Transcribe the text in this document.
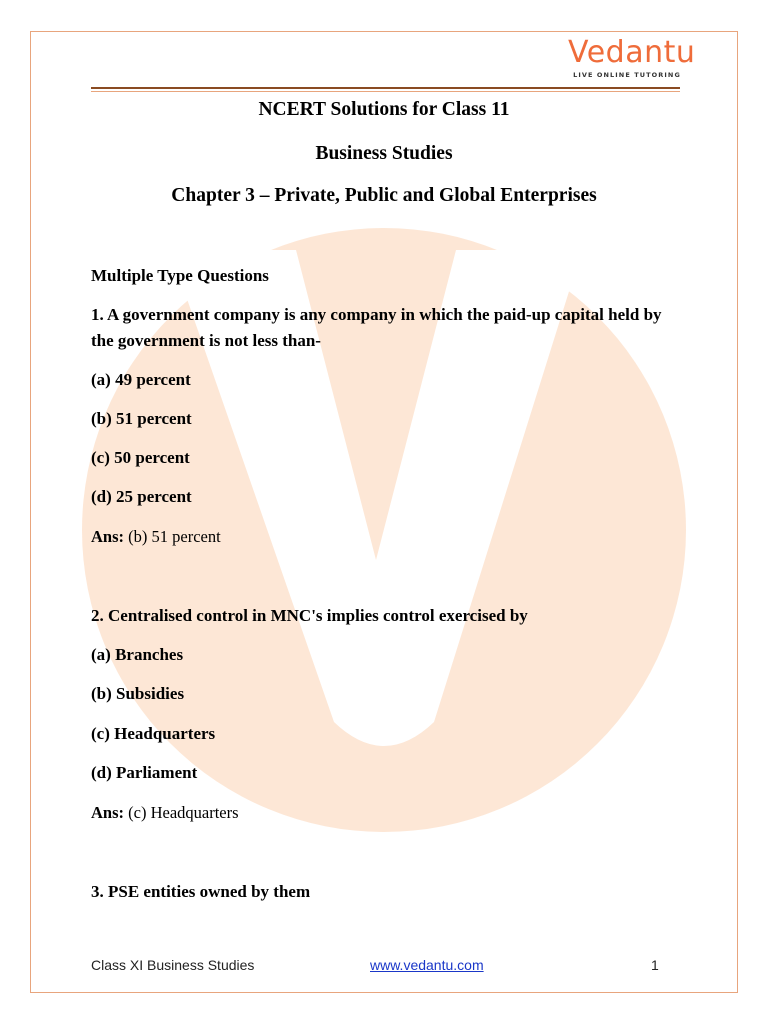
Vedantu
LIVE ONLINE TUTORING
NCERT Solutions for Class 11
Business Studies
Chapter 3 – Private, Public and Global Enterprises
Multiple Type Questions
1. A government company is any company in which the paid-up capital held by
the government is not less than-
(a) 49 percent
(b) 51 percent
(c) 50 percent
(d) 25 percent
Ans: (b) 51 percent
2. Centralised control in MNC's implies control exercised by
(a) Branches
(b) Subsidies
(c) Headquarters
(d) Parliament
Ans: (c) Headquarters
3. PSE entities owned by them
Class XI Business Studies	www.vedantu.com	1
